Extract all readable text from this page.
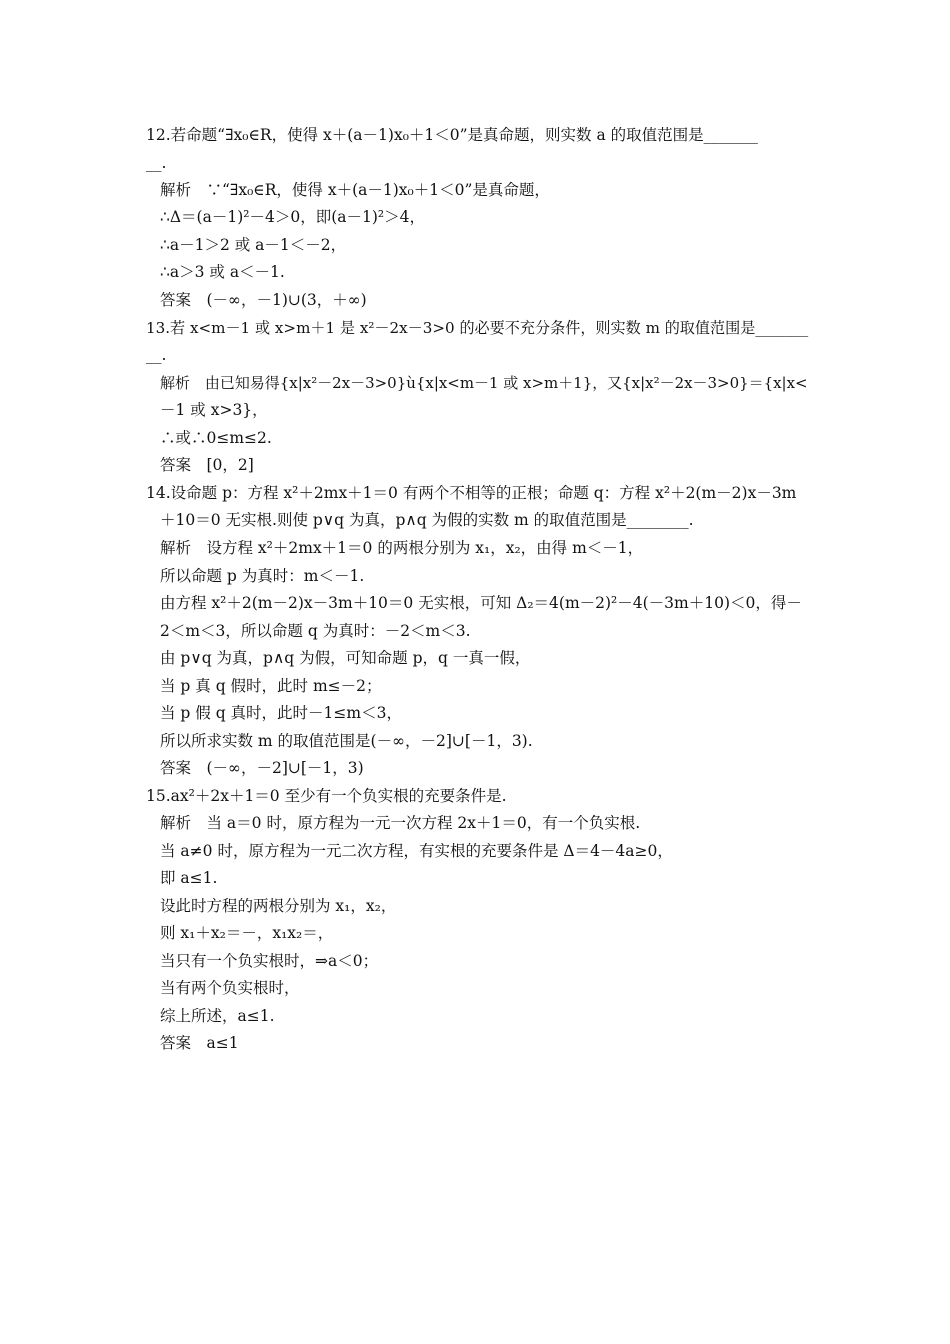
12.若命题“∃x₀∈R，使得 x＋(a－1)x₀＋1＜0”是真命题，则实数 a 的取值范围是_______
__.
解析　∵“∃x₀∈R，使得 x＋(a－1)x₀＋1＜0”是真命题，
∴Δ＝(a－1)²－4＞0，即(a－1)²＞4，
∴a－1＞2 或 a－1＜－2，
∴a＞3 或 a＜－1.
答案　(－∞，－1)∪(3，＋∞)
13.若 x<m－1 或 x>m＋1 是 x²－2x－3>0 的必要不充分条件，则实数 m 的取值范围是_______
__.
解析　由已知易得{x|x²－2x－3>0}ù{x|x<m－1 或 x>m＋1}，又{x|x²－2x－3>0}＝{x|x<
－1 或 x>3}，
∴或∴0≤m≤2.
答案　[0，2]
14.设命题 p：方程 x²＋2mx＋1＝0 有两个不相等的正根；命题 q：方程 x²＋2(m－2)x－3m
＋10＝0 无实根.则使 p∨q 为真，p∧q 为假的实数 m 的取值范围是________.
解析　设方程 x²＋2mx＋1＝0 的两根分别为 x₁，x₂，由得 m＜－1，
所以命题 p 为真时：m＜－1.
由方程 x²＋2(m－2)x－3m＋10＝0 无实根，可知 Δ₂＝4(m－2)²－4(－3m＋10)＜0，得－
2＜m＜3，所以命题 q 为真时：－2＜m＜3.
由 p∨q 为真，p∧q 为假，可知命题 p，q 一真一假，
当 p 真 q 假时，此时 m≤－2；
当 p 假 q 真时，此时－1≤m＜3，
所以所求实数 m 的取值范围是(－∞，－2]∪[－1，3).
答案　(－∞，－2]∪[－1，3)
15.ax²＋2x＋1＝0 至少有一个负实根的充要条件是.
解析　当 a＝0 时，原方程为一元一次方程 2x＋1＝0，有一个负实根.
当 a≠0 时，原方程为一元二次方程，有实根的充要条件是 Δ＝4－4a≥0，
即 a≤1.
设此时方程的两根分别为 x₁，x₂，
则 x₁＋x₂＝－，x₁x₂＝，
当只有一个负实根时，⇒a＜0；
当有两个负实根时，
综上所述，a≤1.
答案　a≤1
